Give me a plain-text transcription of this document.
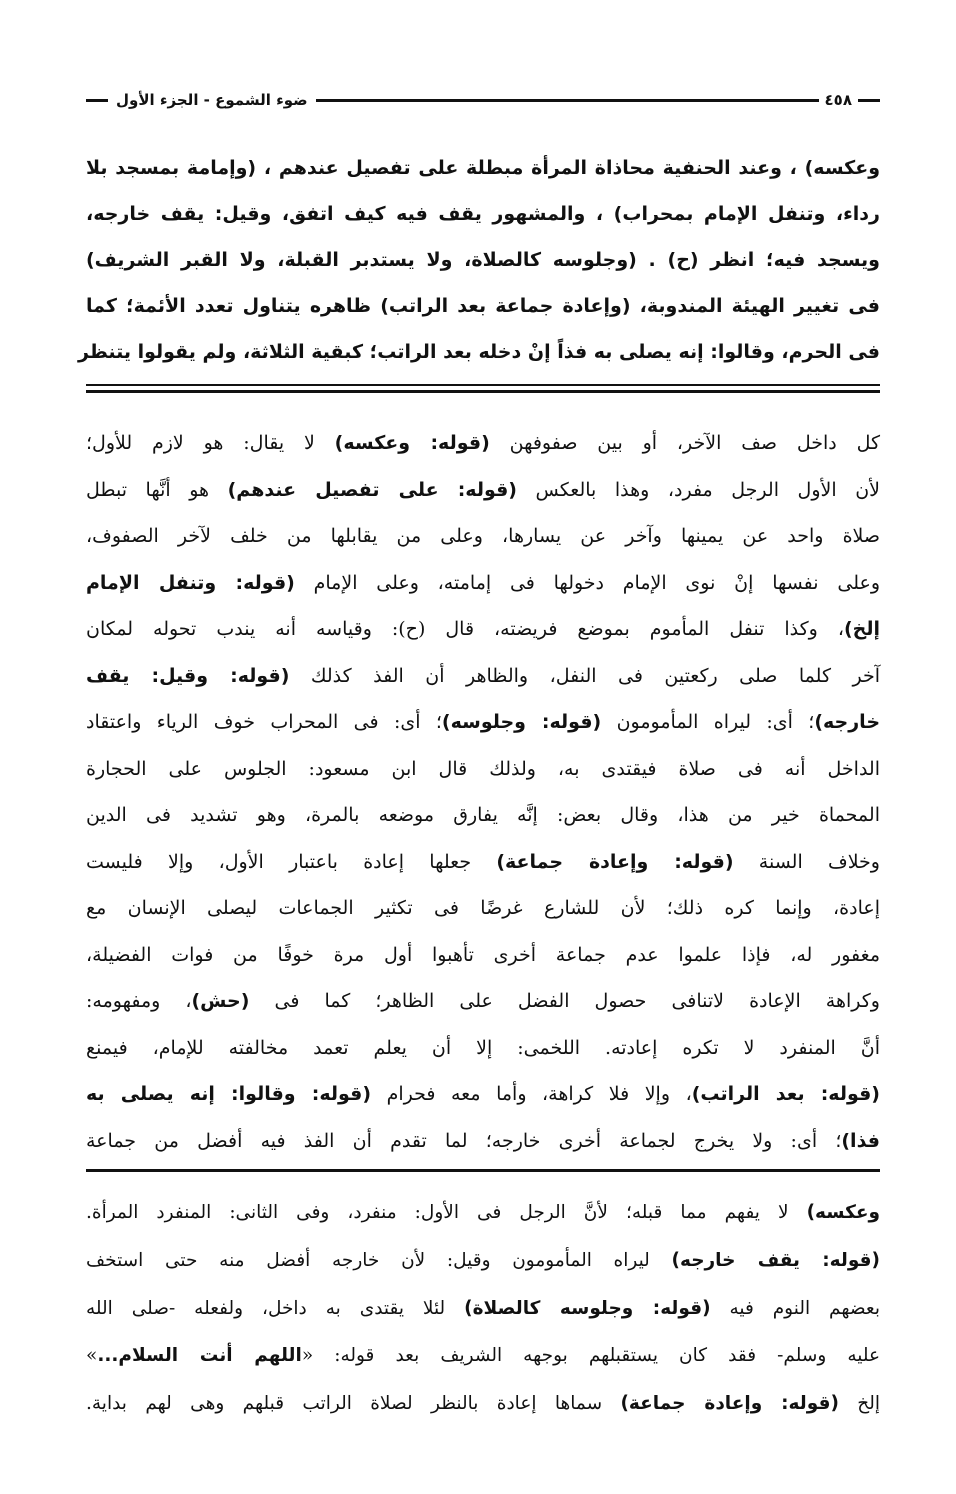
٤٥٨
ضوء الشموع - الجزء الأول
وعكسه) ، وعند الحنفية محاذاة المرأة مبطلة على تفصيل عندهم ، (وإمامة بمسجد بلا
رداء، وتنفل الإمام بمحراب) ، والمشهور يقف فيه كيف اتفق، وقيل: يقف خارجه،
ويسجد فيه؛ انظر (ح) . (وجلوسه كالصلاة، ولا يستدبر القبلة، ولا القبر الشريف)
فى تغيير الهيئة المندوبة، (وإعادة جماعة بعد الراتب) ظاهره يتناول تعدد الأئمة؛ كما
فى الحرم، وقالوا: إنه يصلى به فذاً إنْ دخله بعد الراتب؛ كبقية الثلاثة، ولم يقولوا يتنظر
كل داخل صف الآخر، أو بين صفوفهن (قوله: وعكسه) لا يقال: هو لازم للأول؛
لأن الأول الرجل مفرد، وهذا بالعكس (قوله: على تفصيل عندهم) هو أنَّها تبطل
صلاة واحد عن يمينها وآخر عن يسارها، وعلى من يقابلها من خلف لآخر الصفوف،
وعلى نفسها إنْ نوى الإمام دخولها فى إمامته، وعلى الإمام (قوله: وتنفل الإمام
إلخ)، وكذا تنفل المأموم بموضع فريضته، قال (ح): وقياسه أنه يندب تحوله لمكان
آخر كلما صلى ركعتين فى النفل، والظاهر أن الفذ كذلك (قوله: وقيل: يقف
خارجه)؛ أى: ليراه المأمومون (قوله: وجلوسه)؛ أى: فى المحراب خوف الرياء واعتقاد
الداخل أنه فى صلاة فيقتدى به، ولذلك قال ابن مسعود: الجلوس على الحجارة
المحماة خير من هذا، وقال بعض: إنَّه يفارق موضعه بالمرة، وهو تشديد فى الدين
وخلاف السنة (قوله: وإعادة جماعة) جعلها إعادة باعتبار الأول، وإلا فليست
إعادة، وإنما كره ذلك؛ لأن للشارع غرضًا فى تكثير الجماعات ليصلى الإنسان مع
مغفور له، فإذا علموا عدم جماعة أخرى تأهبوا أول مرة خوفًا من فوات الفضيلة،
وكراهة الإعادة لاتنافى حصول الفضل على الظاهر؛ كما فى (حش)، ومفهومه:
أنَّ المنفرد لا تكره إعادته. اللخمى: إلا أن يعلم تعمد مخالفته للإمام، فيمنع
(قوله: بعد الراتب)، وإلا فلا كراهة، وأما معه فحرام (قوله: وقالوا: إنه يصلى به
فذا)؛ أى: ولا يخرج لجماعة أخرى خارجه؛ لما تقدم أن الفذ فيه أفضل من جماعة
وعكسه) لا يفهم مما قبله؛ لأنَّ الرجل فى الأول: منفرد، وفى الثانى: المنفرد المرأة.
(قوله: يقف خارجه) ليراه المأمومون وقيل: لأن خارجه أفضل منه حتى استخف
بعضهم النوم فيه (قوله: وجلوسه كالصلاة) لئلا يقتدى به داخل، ولفعله -صلى الله
عليه وسلم- فقد كان يستقبلهم بوجهه الشريف بعد قوله: «اللهم أنت السلام...»
إلخ (قوله: وإعادة جماعة) سماها إعادة بالنظر لصلاة الراتب قبلهم وهى لهم بداية.
